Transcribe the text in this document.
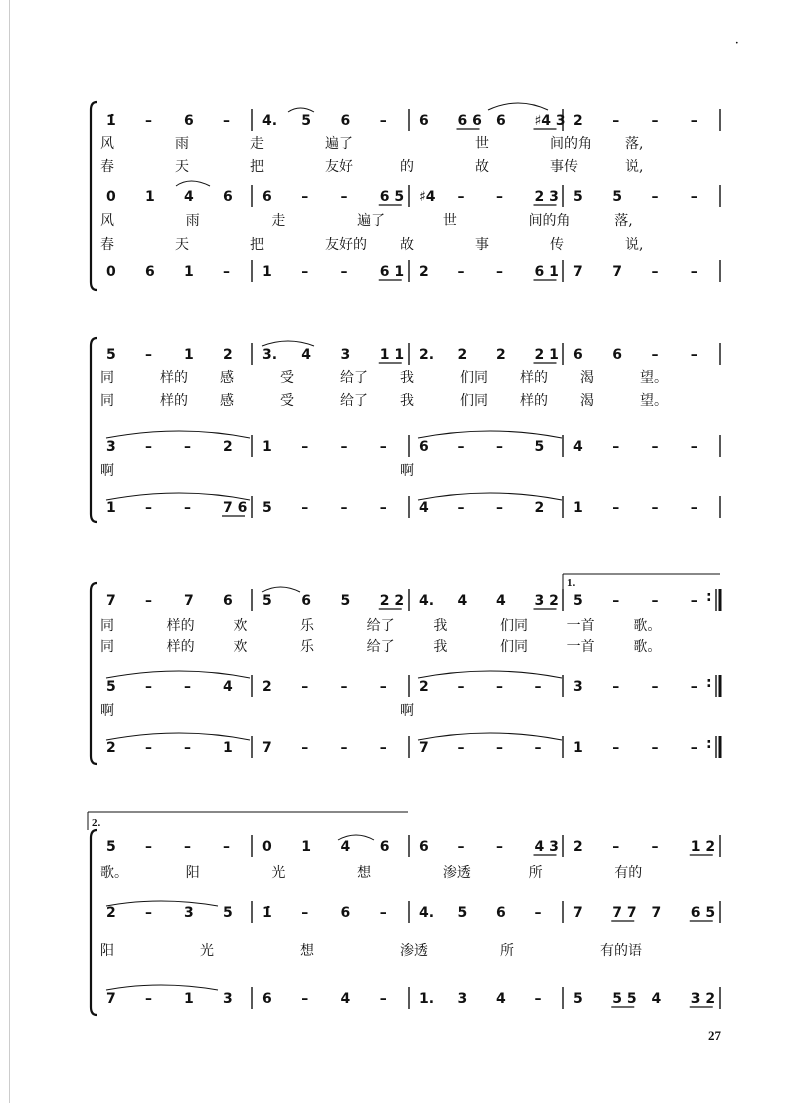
•
1̇ – 6 – 4. 5 6 – 6 6 6 6 ♯4 3 2 – – –
风	雨	走	遍了	世	间的角 落,
春	天	把	友好	的	故	事传	说,
0 1 4 6 6 – – 6 5 ♯4 – – 2 3 5 5 – –
风	雨	走	遍了	世	间的角	落,
春	天	把	友好的 故	事	传	说,
0 6 1 – 1 – – 6 1 2 – – 6 1 7 7 – –
5 – 1 2 3. 4 3 1 1 2. 2 2 2 1 6 6 – –
同	样的 感	受	给了 我	们同 样的 渴	望。
同	样的 感	受	给了 我	们同 样的 渴	望。
3 – – 2 1 – – – 6 – – 5 4 – – –
啊	啊
1 – – 7 6 5 – – – 4 – – 2 1 – – –
:
7 – 7 6 5 6 5 2 2 4. 4 4 3 2 5 – – –
同	样的	欢	乐	给了	我	们同	一首	歌。
同	样的	欢	乐	给了	我	们同	一首	歌。
:
5 – – 4 2 – – – 2 – – – 3 – – –
啊	啊
:
2 – – 1 7 – – – 7 – – – 1 – – –
5 – – – 0 1 4 6 6 – – 4 3 2 – – 1 2
歌。	阳	光	想	渗透	所	有的
2 – 3 5 1̇ – 6 – 4. 5 6 – 7 7 7 7 6 5
阳	光	想	渗透	所	有的语
7 – 1 3 6 – 4 – 1. 3 4 – 5 5 5 4 3 2
1.
2.
27
